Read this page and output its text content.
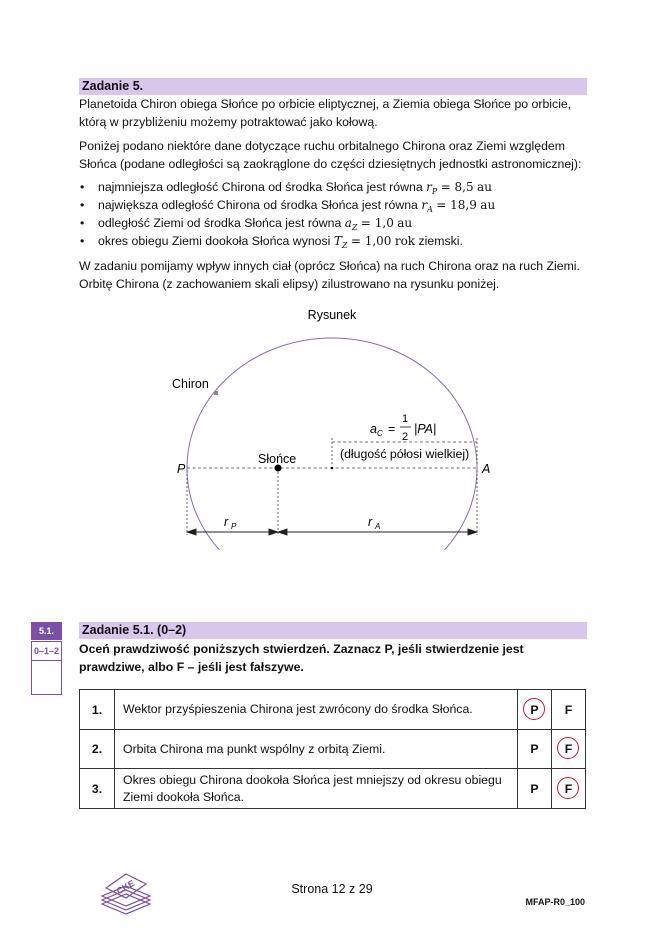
Zadanie 5.
Planetoida Chiron obiega Słońce po orbicie eliptycznej, a Ziemia obiega Słońce po orbicie, którą w przybliżeniu możemy potraktować jako kołową.
Poniżej podano niektóre dane dotyczące ruchu orbitalnego Chirona oraz Ziemi względem Słońca (podane odległości są zaokrąglone do części dziesiętnych jednostki astronomicznej):
• najmniejsza odległość Chirona od środka Słońca jest równa $r_P = 8,5$ au
• największa odległość Chirona od środka Słońca jest równa $r_A = 18,9$ au
• odległość Ziemi od środka Słońca jest równa $a_Z = 1,0$ au
• okres obiegu Ziemi dookoła Słońca wynosi $T_Z = 1,00$ rok ziemski.
W zadaniu pomijamy wpływ innych ciał (oprócz Słońca) na ruch Chirona oraz na ruch Ziemi. Orbitę Chirona (z zachowaniem skali elipsy) zilustrowano na rysunku poniżej.
Rysunek
Chiron
Słońce
P	A
a C =
1
2
|PA|
(długość półosi wielkiej)
r P	r A
5.1.
0–1–2
Zadanie 5.1. (0–2)
Oceń prawdziwość poniższych stwierdzeń. Zaznacz P, jeśli stwierdzenie jest prawdziwe, albo F – jeśli jest fałszywe.
1.	Wektor przyśpieszenia Chirona jest zwrócony do środka Słońca.	P	F
2.	Orbita Chirona ma punkt wspólny z orbitą Ziemi.	P	F

3.	Okres obiegu Chirona dookoła Słońca jest mniejszy od okresu obiegu Ziemi dookoła Słońca.	P	F
CKE	Strona 12 z 29
MFAP-R0_100
